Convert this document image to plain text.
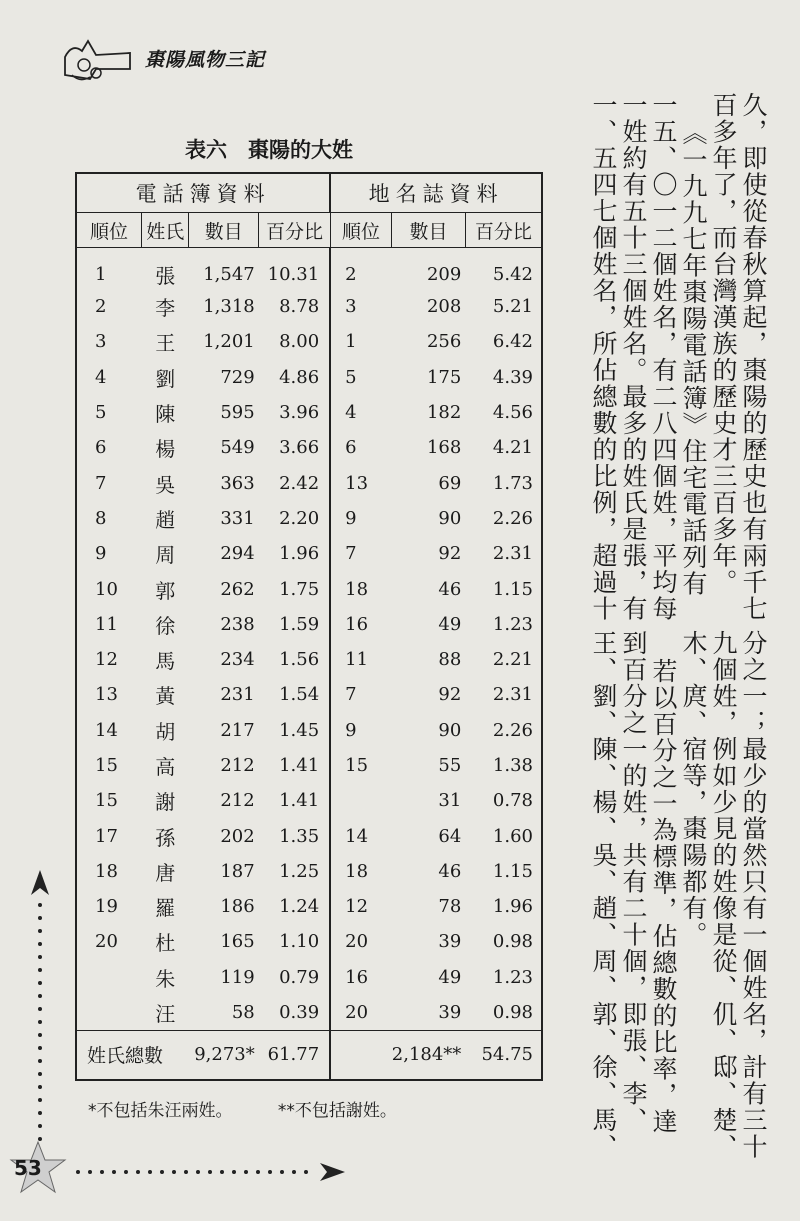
棗陽風物三記
表六　棗陽的大姓
電話簿資料				地名誌資料		
順位	姓氏	數目	百分比	順位	數目	百分比
1	張	1,547	10.31	2	209	5.42
2	李	1,318	8.78	3	208	5.21
3	王	1,201	8.00	1	256	6.42
4	劉	729	4.86	5	175	4.39
5	陳	595	3.96	4	182	4.56
6	楊	549	3.66	6	168	4.21
7	吳	363	2.42	13	69	1.73
8	趙	331	2.20	9	90	2.26
9	周	294	1.96	7	92	2.31
10	郭	262	1.75	18	46	1.15
11	徐	238	1.59	16	49	1.23
12	馬	234	1.56	11	88	2.21
13	黃	231	1.54	7	92	2.31
14	胡	217	1.45	9	90	2.26
15	高	212	1.41	15	55	1.38
15	謝	212	1.41		31	0.78
17	孫	202	1.35	14	64	1.60
18	唐	187	1.25	18	46	1.15
19	羅	186	1.24	12	78	1.96
20	杜	165	1.10	20	39	0.98
	朱	119	0.79	16	49	1.23
	汪	58	0.39	20	39	0.98
姓氏總數		9,273*	61.77		2,184**	54.75
*不包括朱汪兩姓。	**不包括謝姓。
久，即使從春秋算起，棗陽的歷史也有兩千七
百多年了，而台灣漢族的歷史才三百多年。
《一九九七年棗陽電話簿》住宅電話列有
一五、〇一二個姓名，有二八四個姓，平均每
一姓約有五十三個姓名。最多的姓氏是張，有
一、五四七個姓名，所佔總數的比例，超過十
分之一；最少的當然只有一個姓名，計有三十
九個姓，例如少見的姓像是從、仉、邸、楚、
木、庹、宿等，棗陽都有。
若以百分之一為標準，佔總數的比率，達
到百分之一的姓，共有二十個，即張、李、
王、劉、陳、楊、吳、趙、周、郭、徐、馬、
53
